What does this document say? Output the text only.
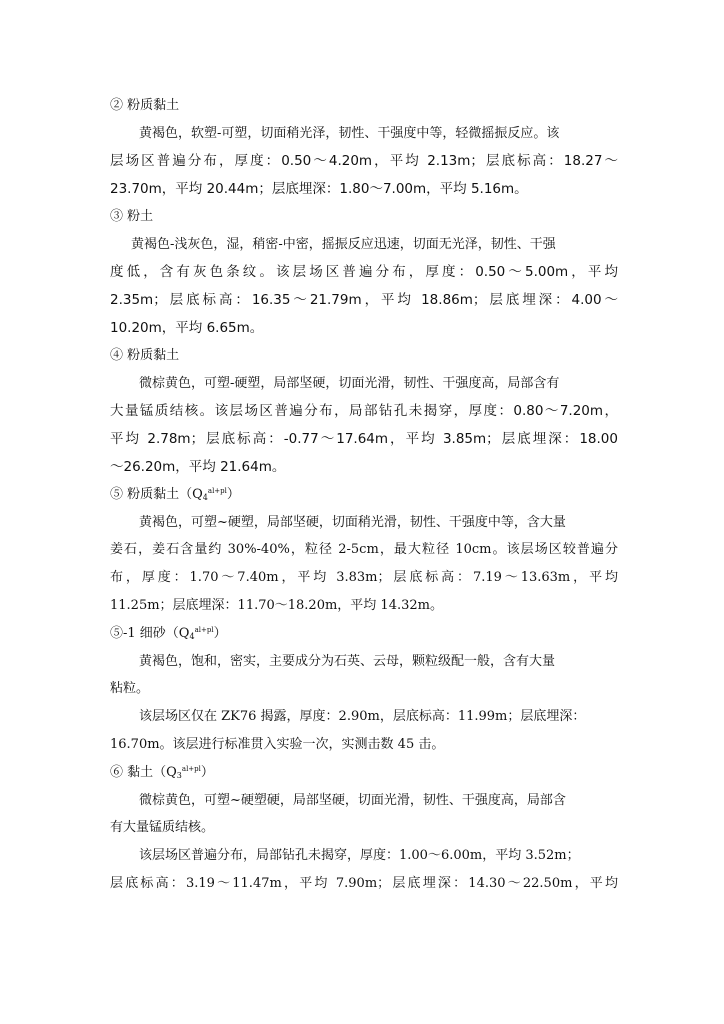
② 粉质黏土
黄褐色，软塑-可塑，切面稍光泽，韧性、干强度中等，轻微摇振反应。该
层场区普遍分布，厚度：0.50～4.20m，平均 2.13m；层底标高：18.27～
23.70m，平均 20.44m；层底埋深：1.80～7.00m，平均 5.16m。
③ 粉土
黄褐色-浅灰色，湿，稍密-中密，摇振反应迅速，切面无光泽，韧性、干强
度低，含有灰色条纹。该层场区普遍分布，厚度：0.50～5.00m，平均
2.35m；层底标高：16.35～21.79m，平均 18.86m；层底埋深：4.00～
10.20m，平均 6.65m。
④ 粉质黏土
微棕黄色，可塑-硬塑，局部坚硬，切面光滑，韧性、干强度高，局部含有
大量锰质结核。该层场区普遍分布，局部钻孔未揭穿，厚度：0.80～7.20m，
平均 2.78m；层底标高：-0.77～17.64m，平均 3.85m；层底埋深：18.00
～26.20m，平均 21.64m。
⑤ 粉质黏土$(Q4^{al+pl})$
黄褐色，可塑~硬塑，局部坚硬，切面稍光滑，韧性、干强度中等，含大量
姜石，姜石含量约 30%-40%，粒径 2-5cm，最大粒径 10cm。该层场区较普遍分
布，厚度：1.70～7.40m，平均 3.83m；层底标高：7.19～13.63m，平均
11.25m；层底埋深：11.70～18.20m，平均 14.32m。
⑤-1 细砂$(Q4^{al+pl})$
黄褐色，饱和，密实，主要成分为石英、云母，颗粒级配一般，含有大量
粘粒。
该层场区仅在 ZK76 揭露，厚度：2.90m，层底标高：11.99m；层底埋深：
16.70m。该层进行标准贯入实验一次，实测击数 45 击。
⑥ 黏土$(Q3^{al+pl})$
微棕黄色，可塑~硬塑硬，局部坚硬，切面光滑，韧性、干强度高，局部含
有大量锰质结核。
该层场区普遍分布，局部钻孔未揭穿，厚度：1.00～6.00m，平均 3.52m；
层底标高：3.19～11.47m，平均 7.90m；层底埋深：14.30～22.50m，平均
